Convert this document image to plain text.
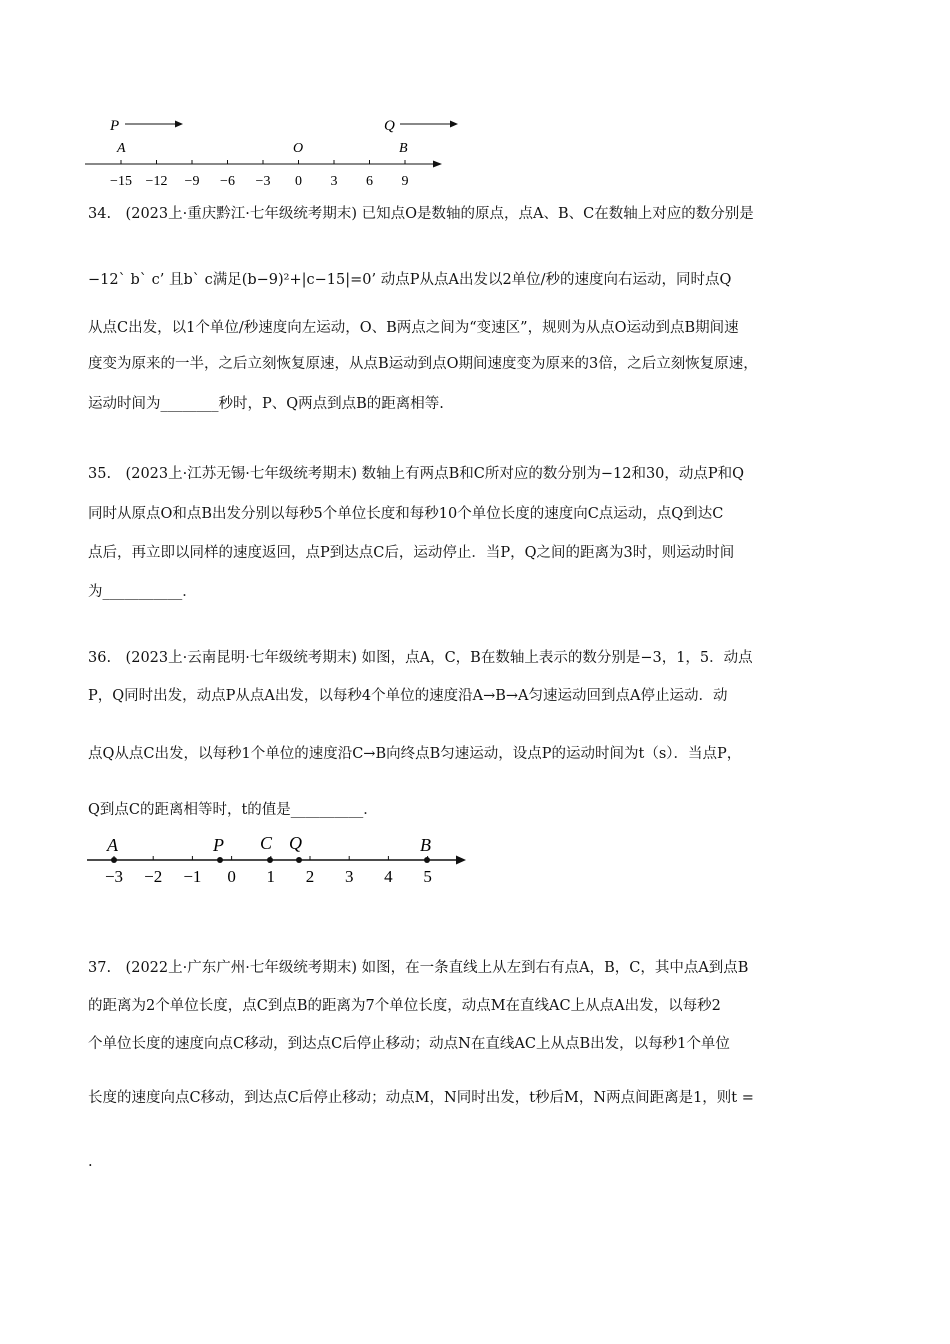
P	Q
A	O	B
−15 −12 −9 −6 −3 0 3 6 9
34.　(2023上·重庆黔江·七年级统考期末) 已知点O是数轴的原点，点A、B、C在数轴上对应的数分别是
−12` b` c’ 且b` c满足(b−9)²+|c−15|=0’ 动点P从点A出发以2单位/秒的速度向右运动，同时点Q
从点C出发，以1个单位/秒速度向左运动，O、B两点之间为“变速区”，规则为从点O运动到点B期间速
度变为原来的一半，之后立刻恢复原速，从点B运动到点O期间速度变为原来的3倍，之后立刻恢复原速，
运动时间为________秒时，P、Q两点到点B的距离相等.
35.　(2023上·江苏无锡·七年级统考期末) 数轴上有两点B和C所对应的数分别为−12和30，动点P和Q
同时从原点O和点B出发分别以每秒5个单位长度和每秒10个单位长度的速度向C点运动，点Q到达C
点后，再立即以同样的速度返回，点P到达点C后，运动停止．当P，Q之间的距离为3时，则运动时间
为___________．
36.　(2023上·云南昆明·七年级统考期末) 如图，点A，C，B在数轴上表示的数分别是−3，1，5．动点
P，Q同时出发，动点P从点A出发，以每秒4个单位的速度沿A→B→A匀速运动回到点A停止运动．动
点Q从点C出发，以每秒1个单位的速度沿C→B向终点B匀速运动，设点P的运动时间为t（s）．当点P，
Q到点C的距离相等时，t的值是__________．
−3 −2 −1 0 1 2 3 4 5
A	P C Q	B
37.　(2022上·广东广州·七年级统考期末) 如图，在一条直线上从左到右有点A，B，C，其中点A到点B
的距离为2个单位长度，点C到点B的距离为7个单位长度，动点M在直线AC上从点A出发，以每秒2
个单位长度的速度向点C移动，到达点C后停止移动；动点N在直线AC上从点B出发，以每秒1个单位
长度的速度向点C移动，到达点C后停止移动；动点M，N同时出发，t秒后M，N两点间距离是1，则t =
.
